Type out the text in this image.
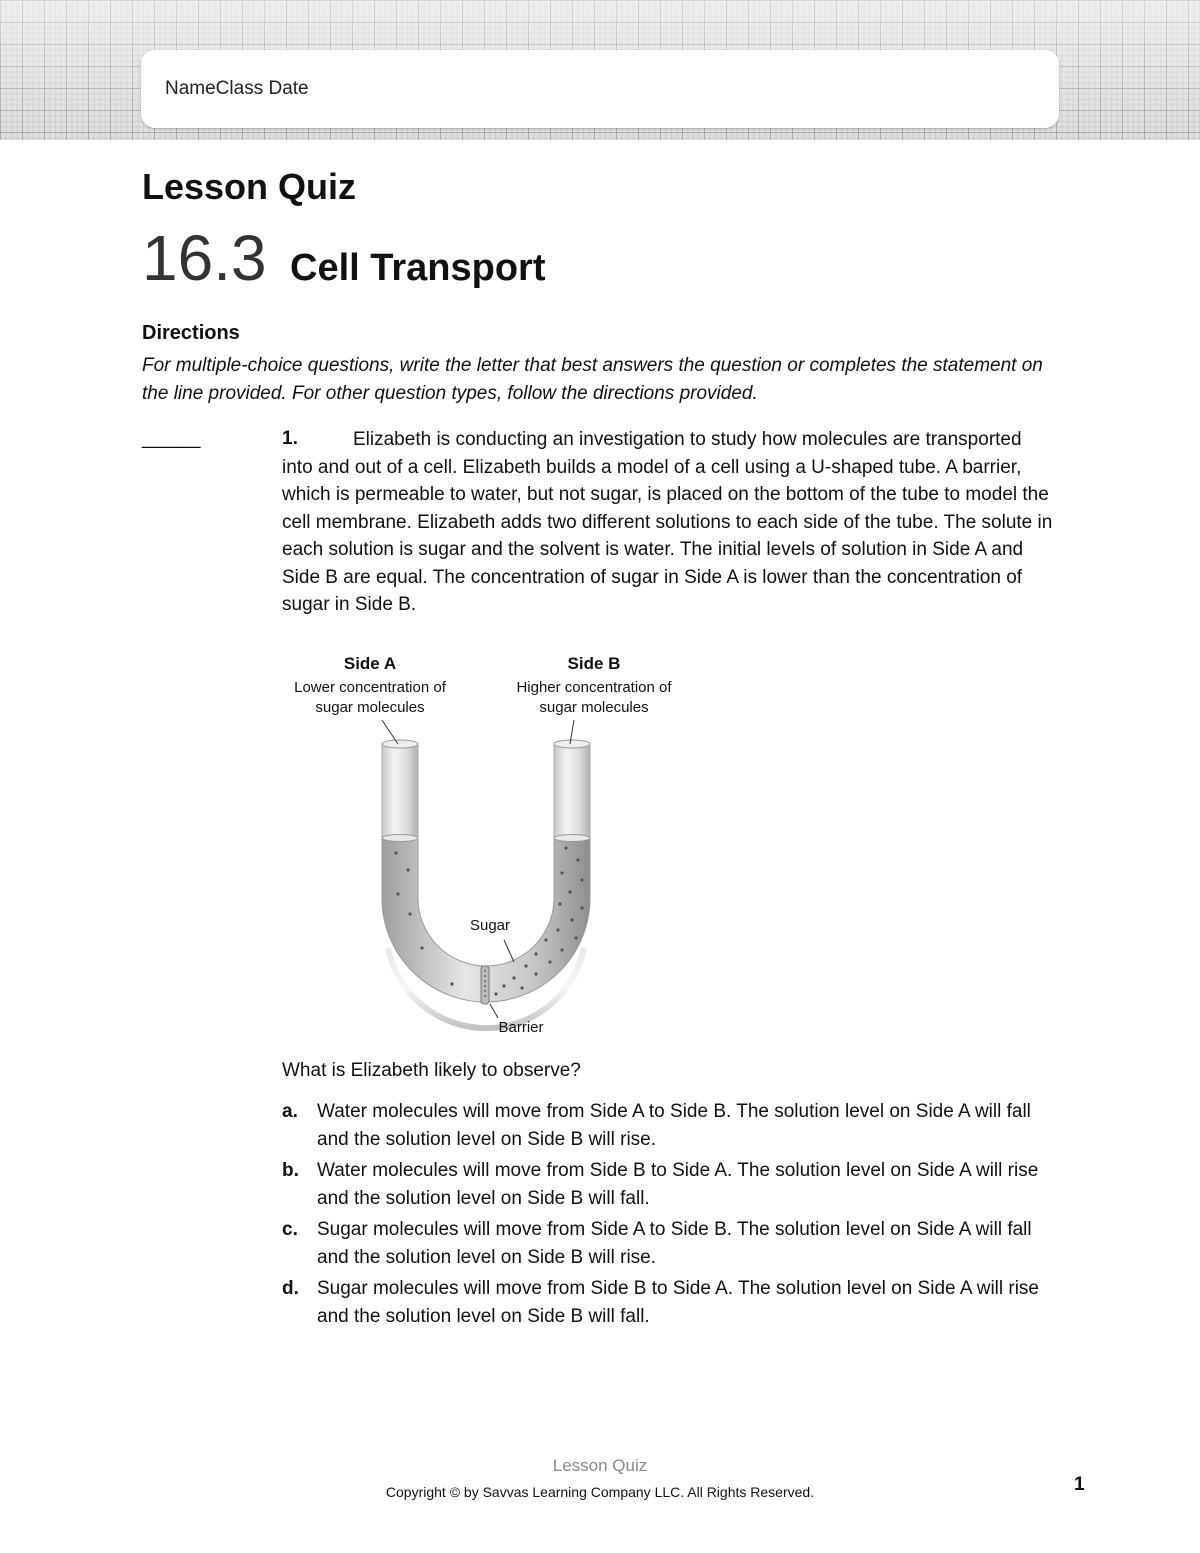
NameClass Date
Lesson Quiz
16.3 Cell Transport
Directions
For multiple-choice questions, write the letter that best answers the question or completes the statement on the line provided. For other question types, follow the directions provided.
______	1.	Elizabeth is conducting an investigation to study how molecules are transported into and out of a cell. Elizabeth builds a model of a cell using a U-shaped tube. A barrier, which is permeable to water, but not sugar, is placed on the bottom of the tube to model the cell membrane. Elizabeth adds two different solutions to each side of the tube. The solute in each solution is sugar and the solvent is water. The initial levels of solution in Side A and Side B are equal. The concentration of sugar in Side A is lower than the concentration of sugar in Side B.
Side A
Lower concentration of
sugar molecules
Side B
Higher concentration of
sugar molecules
Sugar
Barrier
What is Elizabeth likely to observe?
a. Water molecules will move from Side A to Side B. The solution level on Side A will fall and the solution level on Side B will rise.
b. Water molecules will move from Side B to Side A. The solution level on Side A will rise and the solution level on Side B will fall.
c. Sugar molecules will move from Side A to Side B. The solution level on Side A will fall and the solution level on Side B will rise.
d. Sugar molecules will move from Side B to Side A. The solution level on Side A will rise and the solution level on Side B will fall.
Lesson Quiz
Copyright © by Savvas Learning Company LLC. All Rights Reserved.	1
